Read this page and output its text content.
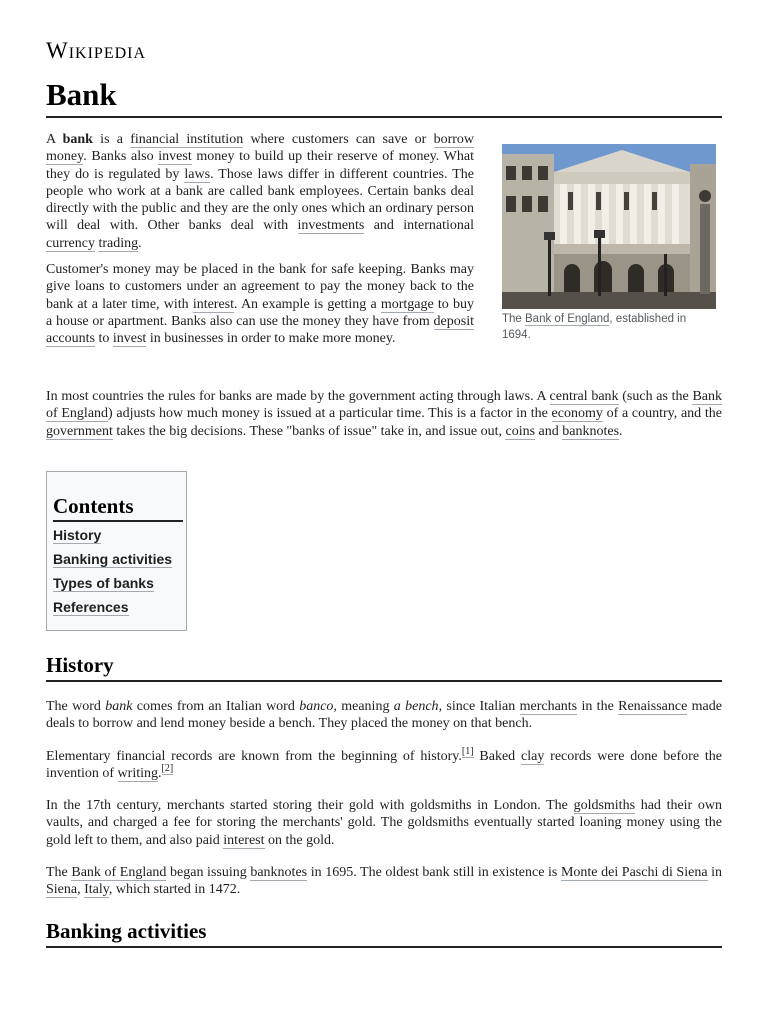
Wikipedia
Bank

A bank is a financial institution where customers can save or borrow money. Banks also invest money to build up their reserve of money. What they do is regulated by laws. Those laws differ in different countries. The people who work at a bank are called bank employees. Certain banks deal directly with the public and they are the only ones which an ordinary person will deal with. Other banks deal with investments and international currency trading.

Customer's money may be placed in the bank for safe keeping. Banks may give loans to customers under an agreement to pay the money back to the bank at a later time, with interest. An example is getting a mortgage to buy a house or apartment. Banks also can use the money they have from deposit accounts to invest in businesses in order to make more money.

The Bank of England, established in 1694.

In most countries the rules for banks are made by the government acting through laws. A central bank (such as the Bank of England) adjusts how much money is issued at a particular time. This is a factor in the economy of a country, and the government takes the big decisions. These "banks of issue" take in, and issue out, coins and banknotes.

Contents
History
Banking activities
Types of banks
References
History

The word bank comes from an Italian word banco, meaning a bench, since Italian merchants in the Renaissance made deals to borrow and lend money beside a bench. They placed the money on that bench.

Elementary financial records are known from the beginning of history.[1] Baked clay records were done before the invention of writing.[2]

In the 17th century, merchants started storing their gold with goldsmiths in London. The goldsmiths had their own vaults, and charged a fee for storing the merchants' gold. The goldsmiths eventually started loaning money using the gold left to them, and also paid interest on the gold.

The Bank of England began issuing banknotes in 1695. The oldest bank still in existence is Monte dei Paschi di Siena in Siena, Italy, which started in 1472.

Banking activities
